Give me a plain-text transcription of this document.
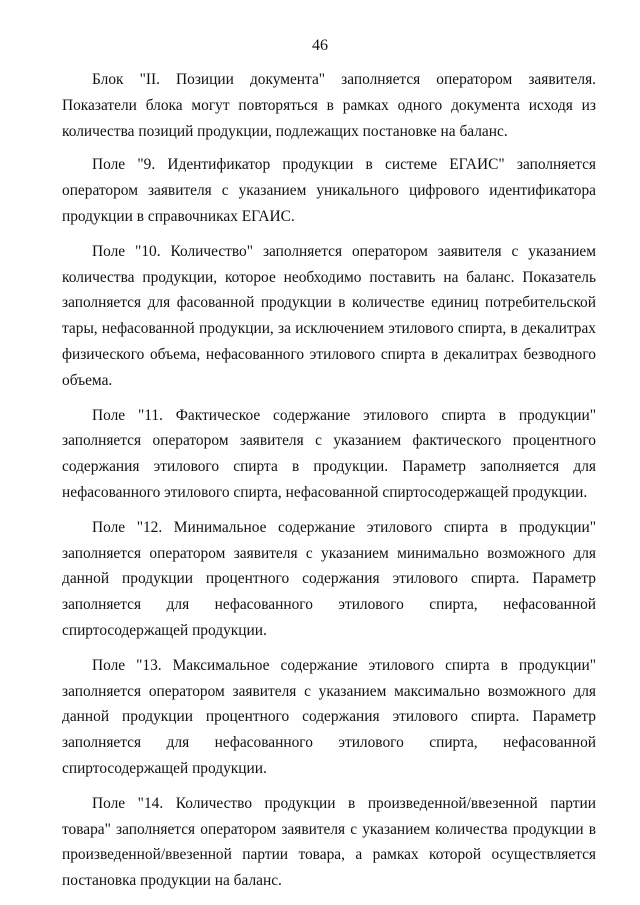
46

Блок "II. Позиции документа" заполняется оператором заявителя. Показатели блока могут повторяться в рамках одного документа исходя из количества позиций продукции, подлежащих постановке на баланс.

Поле "9. Идентификатор продукции в системе ЕГАИС" заполняется оператором заявителя с указанием уникального цифрового идентификатора продукции в справочниках ЕГАИС.

Поле "10. Количество" заполняется оператором заявителя с указанием количества продукции, которое необходимо поставить на баланс. Показатель заполняется для фасованной продукции в количестве единиц потребительской тары, нефасованной продукции, за исключением этилового спирта, в декалитрах физического объема, нефасованного этилового спирта в декалитрах безводного объема.

Поле "11. Фактическое содержание этилового спирта в продукции" заполняется оператором заявителя с указанием фактического процентного содержания этилового спирта в продукции. Параметр заполняется для нефасованного этилового спирта, нефасованной спиртосодержащей продукции.

Поле "12. Минимальное содержание этилового спирта в продукции" заполняется оператором заявителя с указанием минимально возможного для данной продукции процентного содержания этилового спирта. Параметр заполняется для нефасованного этилового спирта, нефасованной спиртосодержащей продукции.

Поле "13. Максимальное содержание этилового спирта в продукции" заполняется оператором заявителя с указанием максимально возможного для данной продукции процентного содержания этилового спирта. Параметр заполняется для нефасованного этилового спирта, нефасованной спиртосодержащей продукции.

Поле "14. Количество продукции в произведенной/ввезенной партии товара" заполняется оператором заявителя с указанием количества продукции в произведенной/ввезенной партии товара, а рамках которой осуществляется постановка продукции на баланс.
